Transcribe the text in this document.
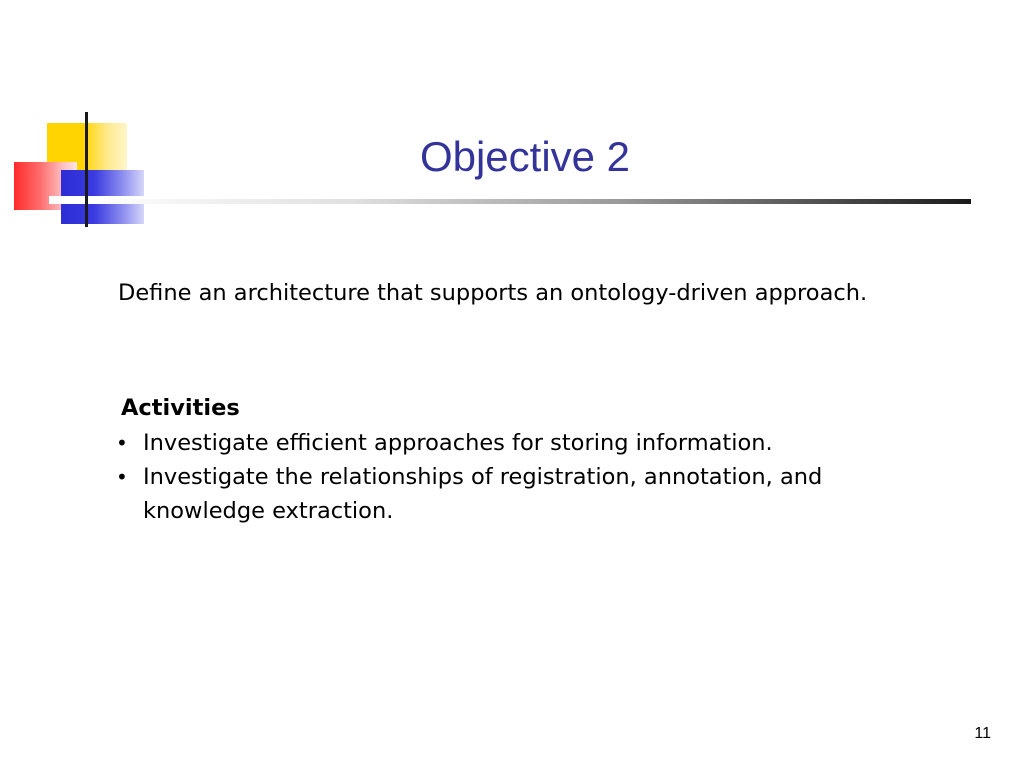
Objective 2
Define an architecture that supports an ontology-driven approach.
Activities
• Investigate efficient approaches for storing information.
• Investigate the relationships of registration, annotation, and knowledge extraction.
11
